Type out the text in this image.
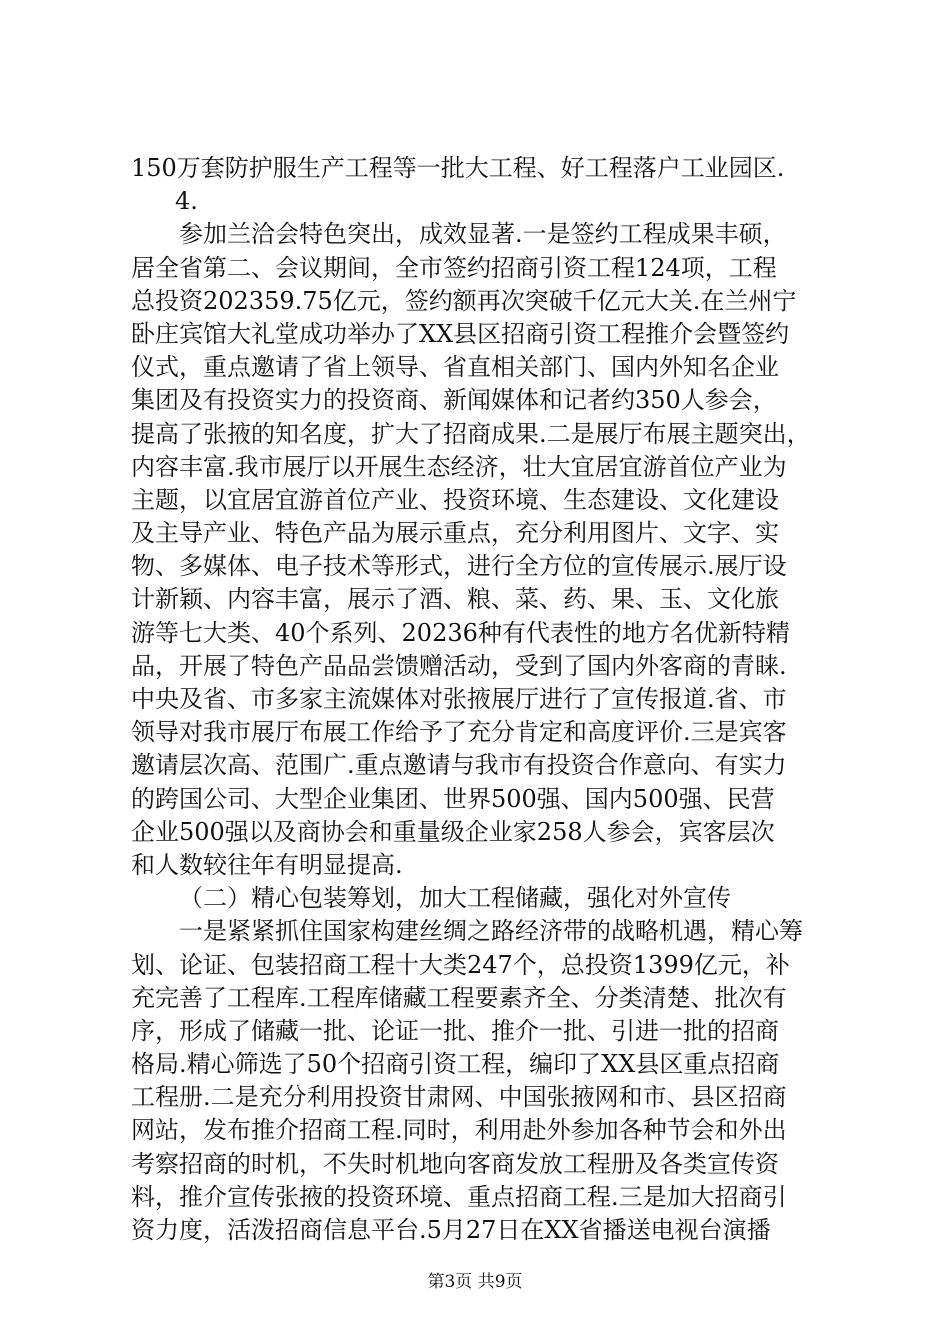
150万套防护服生产工程等一批大工程、好工程落户工业园区.
4.
参加兰洽会特色突出，成效显著.一是签约工程成果丰硕，
居全省第二、会议期间，全市签约招商引资工程124项，工程
总投资202359.75亿元，签约额再次突破千亿元大关.在兰州宁
卧庄宾馆大礼堂成功举办了XX县区招商引资工程推介会暨签约
仪式，重点邀请了省上领导、省直相关部门、国内外知名企业
集团及有投资实力的投资商、新闻媒体和记者约350人参会，
提高了张掖的知名度，扩大了招商成果.二是展厅布展主题突出，
内容丰富.我市展厅以开展生态经济，壮大宜居宜游首位产业为
主题，以宜居宜游首位产业、投资环境、生态建设、文化建设
及主导产业、特色产品为展示重点，充分利用图片、文字、实
物、多媒体、电子技术等形式，进行全方位的宣传展示.展厅设
计新颖、内容丰富，展示了酒、粮、菜、药、果、玉、文化旅
游等七大类、40个系列、20236种有代表性的地方名优新特精
品，开展了特色产品品尝馈赠活动，受到了国内外客商的青睐.
中央及省、市多家主流媒体对张掖展厅进行了宣传报道.省、市
领导对我市展厅布展工作给予了充分肯定和高度评价.三是宾客
邀请层次高、范围广.重点邀请与我市有投资合作意向、有实力
的跨国公司、大型企业集团、世界500强、国内500强、民营
企业500强以及商协会和重量级企业家258人参会，宾客层次
和人数较往年有明显提高.
（二）精心包装筹划，加大工程储藏，强化对外宣传
一是紧紧抓住国家构建丝绸之路经济带的战略机遇，精心筹
划、论证、包装招商工程十大类247个，总投资1399亿元，补
充完善了工程库.工程库储藏工程要素齐全、分类清楚、批次有
序，形成了储藏一批、论证一批、推介一批、引进一批的招商
格局.精心筛选了50个招商引资工程，编印了XX县区重点招商
工程册.二是充分利用投资甘肃网、中国张掖网和市、县区招商
网站，发布推介招商工程.同时，利用赴外参加各种节会和外出
考察招商的时机，不失时机地向客商发放工程册及各类宣传资
料，推介宣传张掖的投资环境、重点招商工程.三是加大招商引
资力度，活泼招商信息平台.5月27日在XX省播送电视台演播
第3页 共9页
